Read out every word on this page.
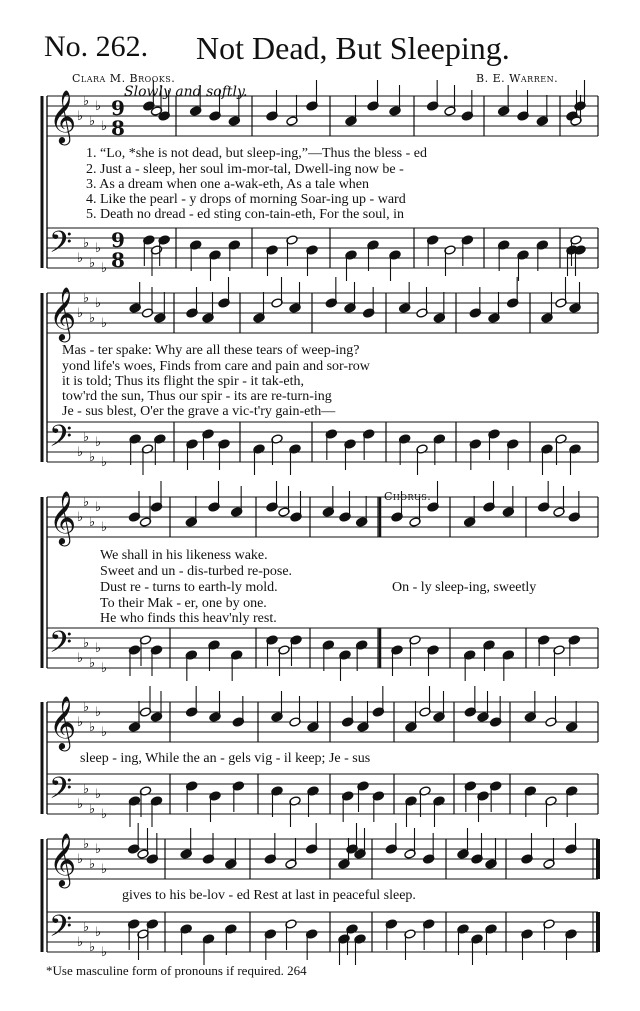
No. 262. Not Dead, But Sleeping.
Clara M. Brooks.	B. E. Warren.
Slowly and softly.
𝄞
𝄢
♭
♭
♭
♭
♭
♭
♭
♭
♭
♭
9
8
9
8
𝄞
𝄢
♭
♭
♭
♭
♭
♭
♭
♭
♭
♭
𝄞
𝄢
♭
♭
♭
♭
♭
♭
♭
♭
♭
♭
𝄞
𝄢
♭
♭
♭
♭
♭
♭
♭
♭
♭
♭
𝄞
𝄢
♭
♭
♭
♭
♭
♭
♭
♭
♭
♭
1. “Lo, *she is not dead, but sleep-ing,”—Thus the bless - ed
2. Just a - sleep, her soul im-mor-tal, Dwell-ing now be -
3. As a dream when one a-wak-eth, As a tale when
4. Like the pearl - y drops of morning Soar-ing up - ward
5. Death no dread - ed sting con-tain-eth, For the soul, in
Mas - ter spake: Why are all these tears of weep-ing?
yond life's woes, Finds from care and pain and sor-row
it is told; Thus its flight the spir - it tak-eth,
tow'rd the sun, Thus our spir - its are re-turn-ing
Je - sus blest, O'er the grave a vic-t'ry gain-eth—
Chorus.
We shall in his likeness wake.
Sweet and un - dis-turbed re-pose.
Dust re - turns to earth-ly mold.
To their Mak - er, one by one.
He who finds this heav'nly rest.
On - ly sleep-ing, sweetly
sleep - ing, While the an - gels vig - il keep; Je - sus
gives to his be-lov - ed Rest at last in peaceful sleep.
*Use masculine form of pronouns if required. 264
